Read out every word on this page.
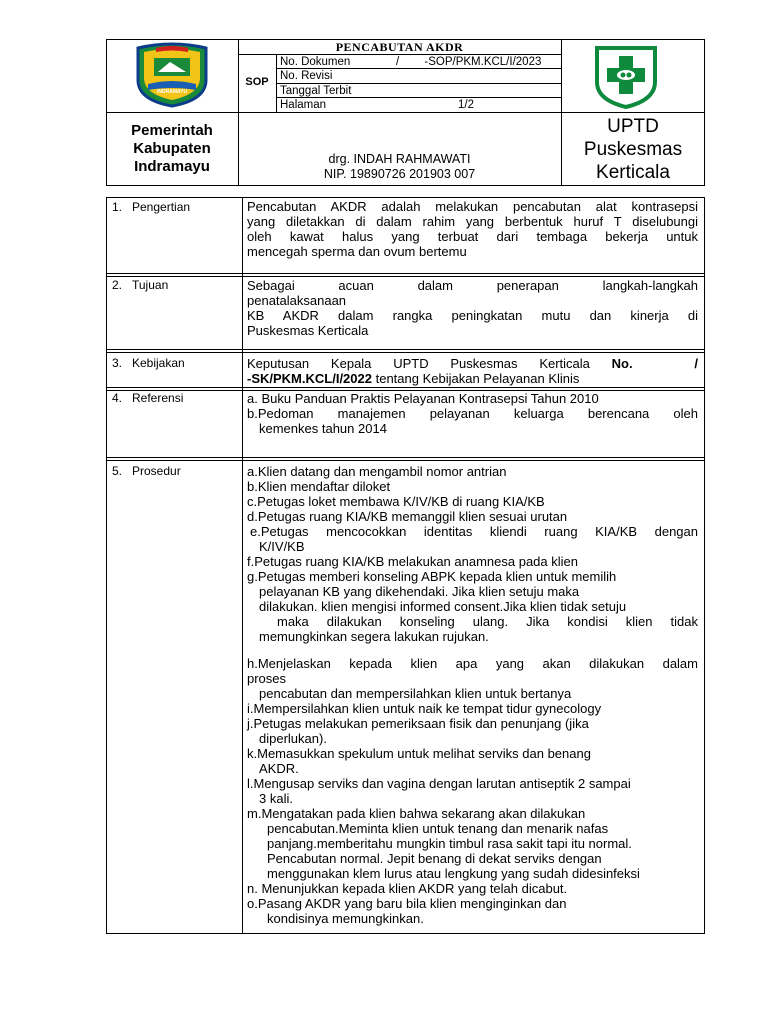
INDRAMAYU
PENCABUTAN AKDR
SOP
No. Dokumen	/ -SOP/PKM.KCL/I/2023
No. Revisi
Tanggal Terbit
Halaman	1/2
Pemerintah
Kabupaten
Indramayu	drg. INDAH RAHMAWATI
NIP. 19890726 201903 007
UPTD
Puskesmas
Kerticala
1. Pengertian	Pencabutan AKDR adalah melakukan pencabutan alat kontrasepsi
yang diletakkan di dalam rahim yang berbentuk huruf T diselubungi
oleh kawat halus yang terbuat dari tembaga bekerja untuk
mencegah sperma dan ovum bertemu
2. Tujuan	Sebagai acuan dalam penerapan langkah-langkah
penatalaksanaan
KB AKDR dalam rangka peningkatan mutu dan kinerja di
Puskesmas Kerticala
3. Kebijakan	Keputusan Kepala UPTD Puskesmas Kerticala No. /
-SK/PKM.KCL/I/2022 tentang Kebijakan Pelayanan Klinis
4. Referensi	a. Buku Panduan Praktis Pelayanan Kontrasepsi Tahun 2010
b.Pedoman manajemen pelayanan keluarga berencana oleh
kemenkes tahun 2014
5. Prosedur	a.Klien datang dan mengambil nomor antrian
b.Klien mendaftar diloket
c.Petugas loket membawa K/IV/KB di ruang KIA/KB
d.Petugas ruang KIA/KB memanggil klien sesuai urutan
e.Petugas mencocokkan identitas kliendi ruang KIA/KB dengan
K/IV/KB
f.Petugas ruang KIA/KB melakukan anamnesa pada klien
g.Petugas memberi konseling ABPK kepada klien untuk memilih
pelayanan KB yang dikehendaki. Jika klien setuju maka
dilakukan. klien mengisi informed consent.Jika klien tidak setuju
maka dilakukan konseling ulang. Jika kondisi klien tidak
memungkinkan segera lakukan rujukan.
h.Menjelaskan kepada klien apa yang akan dilakukan dalam
proses
pencabutan dan mempersilahkan klien untuk bertanya
i.Mempersilahkan klien untuk naik ke tempat tidur gynecology
j.Petugas melakukan pemeriksaan fisik dan penunjang (jika
diperlukan).
k.Memasukkan spekulum untuk melihat serviks dan benang
AKDR.
l.Mengusap serviks dan vagina dengan larutan antiseptik 2 sampai
3 kali.
m.Mengatakan pada klien bahwa sekarang akan dilakukan
pencabutan.Meminta klien untuk tenang dan menarik nafas
panjang.memberitahu mungkin timbul rasa sakit tapi itu normal.
Pencabutan normal. Jepit benang di dekat serviks dengan
menggunakan klem lurus atau lengkung yang sudah didesinfeksi
n. Menunjukkan kepada klien AKDR yang telah dicabut.
o.Pasang AKDR yang baru bila klien menginginkan dan
kondisinya memungkinkan.
